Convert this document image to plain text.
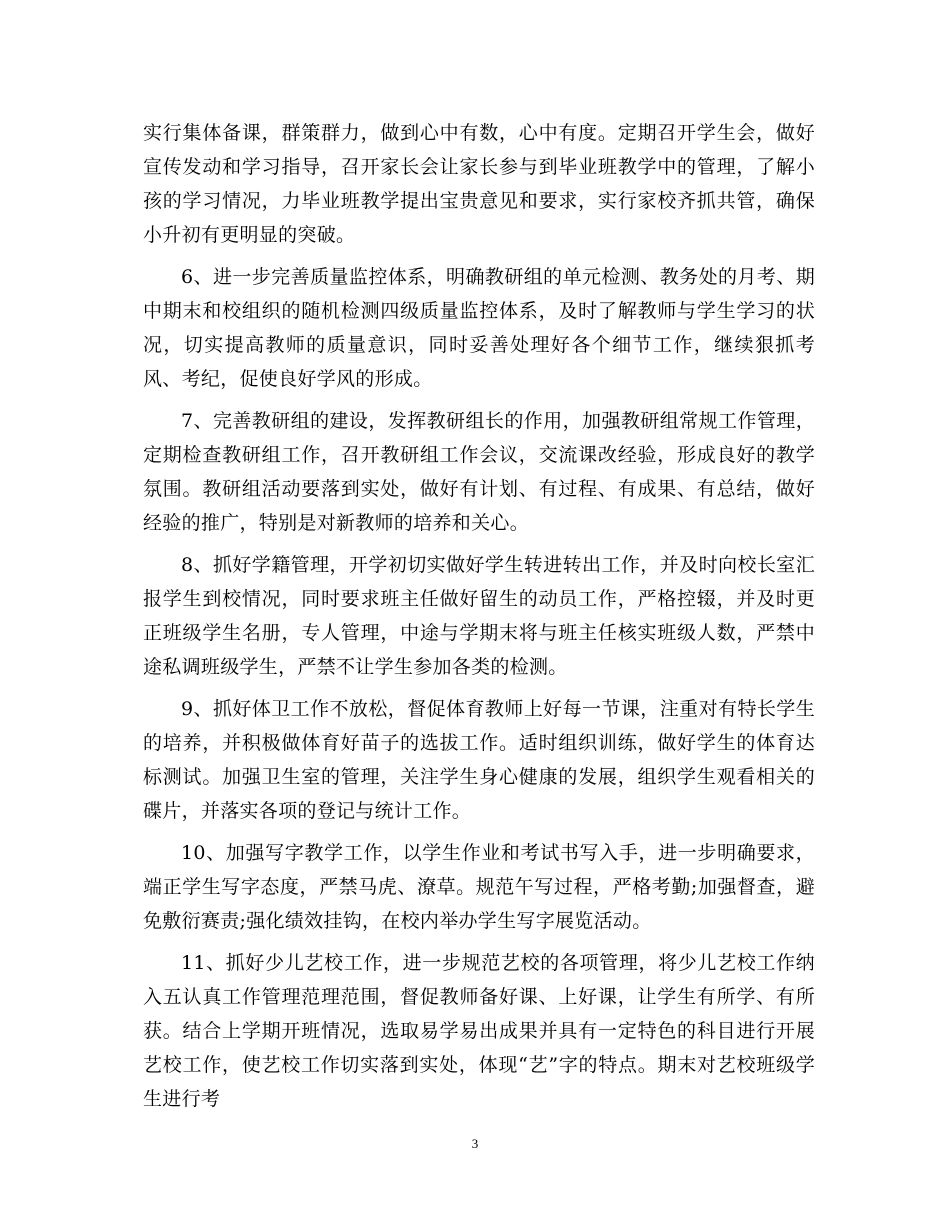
实行集体备课，群策群力，做到心中有数，心中有度。定期召开学生会，做好宣传发动和学习指导，召开家长会让家长参与到毕业班教学中的管理，了解小孩的学习情况，力毕业班教学提出宝贵意见和要求，实行家校齐抓共管，确保小升初有更明显的突破。

6、进一步完善质量监控体系，明确教研组的单元检测、教务处的月考、期中期末和校组织的随机检测四级质量监控体系，及时了解教师与学生学习的状况，切实提高教师的质量意识，同时妥善处理好各个细节工作，继续狠抓考风、考纪，促使良好学风的形成。

7、完善教研组的建设，发挥教研组长的作用，加强教研组常规工作管理，定期检查教研组工作，召开教研组工作会议，交流课改经验，形成良好的教学氛围。教研组活动要落到实处，做好有计划、有过程、有成果、有总结，做好经验的推广，特别是对新教师的培养和关心。

8、抓好学籍管理，开学初切实做好学生转进转出工作，并及时向校长室汇报学生到校情况，同时要求班主任做好留生的动员工作，严格控辍，并及时更正班级学生名册，专人管理，中途与学期末将与班主任核实班级人数，严禁中途私调班级学生，严禁不让学生参加各类的检测。

9、抓好体卫工作不放松，督促体育教师上好每一节课，注重对有特长学生的培养，并积极做体育好苗子的选拔工作。适时组织训练，做好学生的体育达标测试。加强卫生室的管理，关注学生身心健康的发展，组织学生观看相关的碟片，并落实各项的登记与统计工作。

10、加强写字教学工作，以学生作业和考试书写入手，进一步明确要求，端正学生写字态度，严禁马虎、潦草。规范午写过程，严格考勤;加强督查，避免敷衍赛责;强化绩效挂钩，在校内举办学生写字展览活动。

11、抓好少儿艺校工作，进一步规范艺校的各项管理，将少儿艺校工作纳入五认真工作管理范理范围，督促教师备好课、上好课，让学生有所学、有所获。结合上学期开班情况，选取易学易出成果并具有一定特色的科目进行开展艺校工作，使艺校工作切实落到实处，体现“艺”字的特点。期末对艺校班级学生进行考

3
